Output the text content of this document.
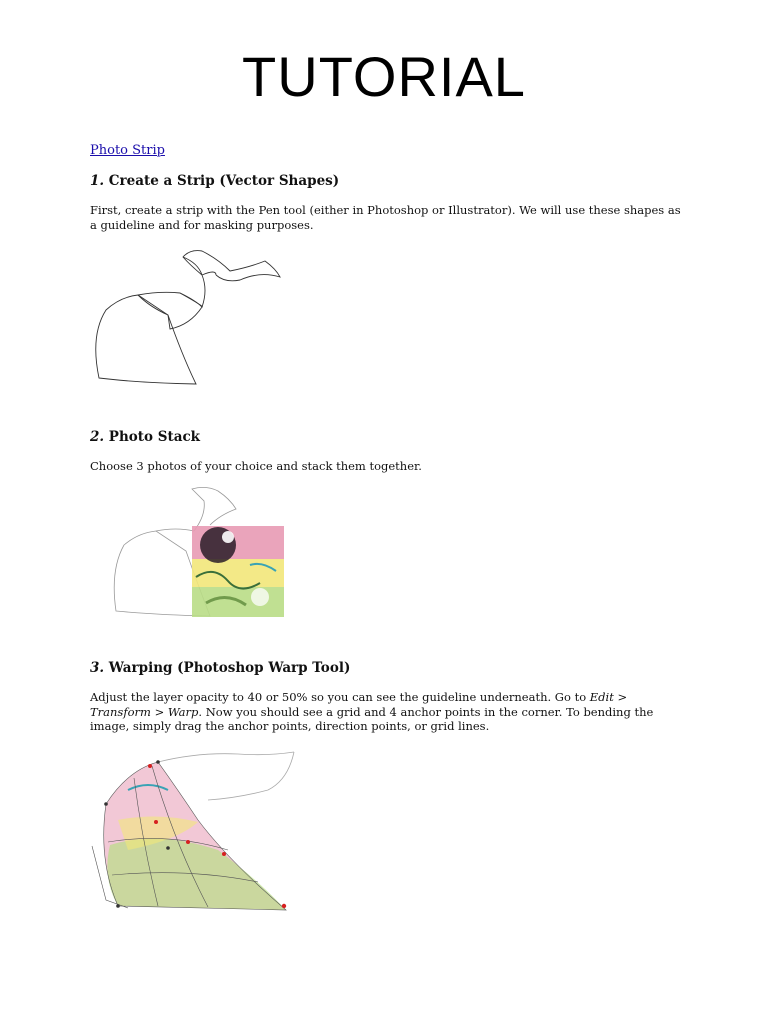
TUTORIAL
Photo Strip
1. Create a Strip (Vector Shapes)
First, create a strip with the Pen tool (either in Photoshop or Illustrator). We will use these shapes as a guideline and for masking purposes.
2. Photo Stack
Choose 3 photos of your choice and stack them together.
3. Warping (Photoshop Warp Tool)
Adjust the layer opacity to 40 or 50% so you can see the guideline underneath. Go to Edit > Transform > Warp. Now you should see a grid and 4 anchor points in the corner. To bending the image, simply drag the anchor points, direction points, or grid lines.
